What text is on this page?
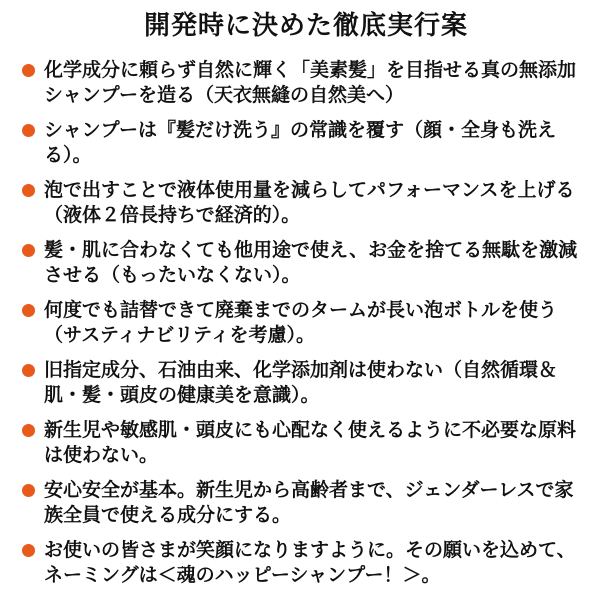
開発時に決めた徹底実行案
化学成分に頼らず自然に輝く「美素髪」を目指せる真の無添加シャンプーを造る（天衣無縫の自然美へ）
シャンプーは『髪だけ洗う』の常識を覆す（顔・全身も洗える）。
泡で出すことで液体使用量を減らしてパフォーマンスを上げる（液体２倍長持ちで経済的）。
髪・肌に合わなくても他用途で使え、お金を捨てる無駄を激減させる（もったいなくない）。
何度でも詰替できて廃棄までのタームが長い泡ボトルを使う（サスティナビリティを考慮）。
旧指定成分、石油由来、化学添加剤は使わない（自然循環＆肌・髪・頭皮の健康美を意識）。
新生児や敏感肌・頭皮にも心配なく使えるように不必要な原料は使わない。
安心安全が基本。新生児から高齢者まで、ジェンダーレスで家族全員で使える成分にする。
お使いの皆さまが笑顔になりますように。その願いを込めて、ネーミングは＜魂のハッピーシャンプー！＞。
